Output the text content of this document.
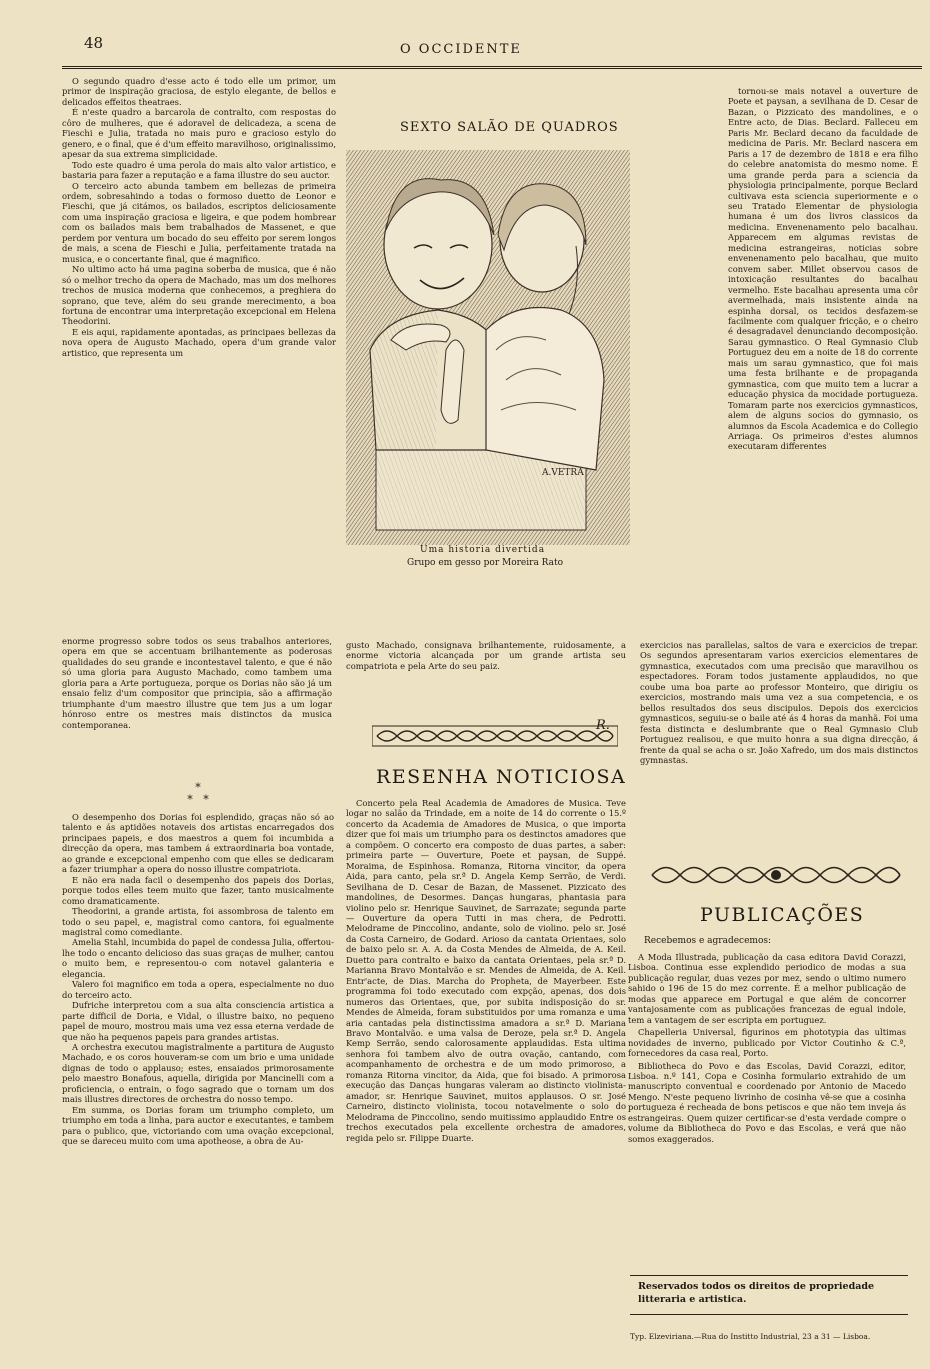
48	O OCCIDENTE

O segundo quadro d'esse acto é todo elle um primor, um primor de inspiração graciosa, de estylo elegante, de bellos e delicados effeitos theatraes.

É n'este quadro a barcarola de contralto, com respostas do côro de mulheres, que é adoravel de delicadeza, a scena de Fieschi e Julia, tratada no mais puro e gracioso estylo do genero, e o final, que é d'um effeito maravilhoso, originalissimo, apesar da sua extrema simplicidade.

Todo este quadro é uma perola do mais alto valor artistico, e bastaria para fazer a reputação e a fama illustre do seu auctor.

O terceiro acto abunda tambem em bellezas de primeira ordem, sobresahindo a todas o formoso duetto de Leonor e Fieschi, que já citámos, os bailados, escriptos deliciosamente com uma inspiração graciosa e ligeira, e que podem hombrear com os bailados mais bem trabalhados de Massenet, e que perdem por ventura um bocado do seu effeito por serem longos de mais, a scena de Fieschi e Julia, perfeitamente tratada na musica, e o concertante final, que é magnifico.

No ultimo acto há uma pagina soberba de musica, que é não só o melhor trecho da opera de Machado, mas um dos melhores trechos de musica moderna que conhecemos, a preghiera do soprano, que teve, além do seu grande merecimento, a boa fortuna de encontrar uma interpretação excepcional em Helena Theodorini.

E eis aqui, rapidamente apontadas, as principaes bellezas da nova opera de Augusto Machado, opera d'um grande valor artistico, que representa um

enorme progresso sobre todos os seus trabalhos anteriores, opera em que se accentuam brilhantemente as poderosas qualidades do seu grande e incontestavel talento, e que é não só uma gloria para Augusto Machado, como tambem uma gloria para a Arte portugueza, porque os Dorias não são já um ensaio feliz d'um compositor que principia, são a affirmação triumphante d'um maestro illustre que tem jus a um logar hónroso entre os mestres mais distinctos da musica contemporanea.

*
*   *

O desempenho dos Dorias foi esplendido, graças não só ao talento e ás aptidões notaveis dos artistas encarregados dos principaes papeis, e dos maestros a quem foi incumbida a direcção da opera, mas tambem á extraordinaria boa vontade, ao grande e excepcional empenho com que elles se dedicaram a fazer triumphar a opera do nosso illustre compatriota.

E não era nada facil o desempenho dos papeis dos Dorias, porque todos elles teem muito que fazer, tanto musicalmente como dramaticamente.

Theodorini, a grande artista, foi assombrosa de talento em todo o seu papel, e, magistral como cantora, foi egualmente magistral como comediante.

Amelia Stahl, incumbida do papel de condessa Julia, offertou-lhe todo o encanto delicioso das suas graças de mulher, cantou o muito bem, e representou-o com notavel galanteria e elegancia.

Valero foi magnifico em toda a opera, especialmente no duo do terceiro acto.

Dufriche interpretou com a sua alta consciencia artistica a parte difficil de Doria, e Vidal, o illustre baixo, no pequeno papel de mouro, mostrou mais uma vez essa eterna verdade de que não ha pequenos papeis para grandes artistas.

A orchestra executou magistralmente a partitura de Augusto Machado, e os coros houveram-se com um brio e uma unidade dignas de todo o applauso; estes, ensaiados primorosamente pelo maestro Bonafous, aquella, dirigida por Mancinelli com a proficiencia, o entrain, o fogo sagrado que o tornam um dos mais illustres directores de orchestra do nosso tempo.

Em summa, os Dorias foram um triumpho completo, um triumpho em toda a linha, para auctor e executantes, e tambem para o publico, que, victoriando com uma ovação excepcional, que se dareceu muito com uma apotheose, a obra de Au-

SEXTO SALÃO DE QUADROS
A.VETRA
Uma historia divertida
Grupo em gesso por Moreira Rato

tornou-se mais notavel a ouverture de Poete et paysan, a sevilhana de D. Cesar de Bazan, o Pizzicato des mandolines, e o Entre acto, de Dias. Beclard. Falleceu em Paris Mr. Beclard decano da faculdade de medicina de Paris. Mr. Beclard nascera em Paris a 17 de dezembro de 1818 e era filho do celebre anatomista do mesmo nome. É uma grande perda para a sciencia da physiologia principalmente, porque Beclard cultivava esta sciencia superiormente e o seu Tratado Elementar de physiologia humana é um dos livros classicos da medicina. Envenenamento pelo bacalhau. Apparecem em algumas revistas de medicina estrangeiras, noticias sobre envenenamento pelo bacalhau, que muito convem saber. Millet observou casos de intoxicação resultantes do bacalhau vermelho. Este bacalhau apresenta uma côr avermelhada, mais insistente ainda na espinha dorsal, os tecidos desfazem-se facilmente com qualquer fricção, e o cheiro é desagradavel denunciando decomposição. Sarau gymnastico. O Real Gymnasio Club Portuguez deu em a noite de 18 do corrente mais um sarau gymnastico, que foi mais uma festa brilhante e de propaganda gymnastica, com que muito tem a lucrar a educação physica da mocidade portugueza. Tomaram parte nos exercicios gymnasticos, alem de alguns socios do gymnasio, os alumnos da Escola Academica e do Collegio Arriaga. Os primeiros d'estes alumnos executaram differentes

exercicios nas parallelas, saltos de vara e exercicios de trepar. Os segundos apresentaram varios exercicios elementares de gymnastica, executados com uma precisão que maravilhou os espectadores. Foram todos justamente applaudidos, no que coube uma boa parte ao professor Monteiro, que dirigiu os exercicios, mostrando mais uma vez a sua competencia, e os bellos resultados dos seus discipulos. Depois dos exercicios gymnasticos, seguiu-se o baile até ás 4 horas da manhã. Foi uma festa distincta e deslumbrante que o Real Gymnasio Club Portuguez realisou, e que muito honra a sua digna direcção, á frente da qual se acha o sr. João Xafredo, um dos mais distinctos gymnastas.

gusto Machado, consignava brilhantemente, ruidosamente, a enorme victoria alcançada por um grande artista seu compatriota e pela Arte do seu paiz.

R.
RESENHA NOTICIOSA

Concerto pela Real Academia de Amadores de Musica. Teve logar no salão da Trindade, em a noite de 14 do corrente o 15.º concerto da Academia de Amadores de Musica, o que importa dizer que foi mais um triumpho para os destinctos amadores que a compõem. O concerto era composto de duas partes, a saber: primeira parte — Ouverture, Poete et paysan, de Suppé. Moraima, de Espinhosa. Romanza, Ritorna vincitor, da opera Aida, para canto, pela sr.ª D. Angela Kemp Serrão, de Verdi. Sevilhana de D. Cesar de Bazan, de Massenet. Pizzicato des mandolines, de Desormes. Danças hungaras, phantasia para violino pelo sr. Henrique Sauvinet, de Sarrazate; segunda parte — Ouverture da opera Tutti in mas chera, de Pedrotti. Melodrame de Pinccolino, andante, solo de violino. pelo sr. José da Costa Carneiro, de Godard. Arioso da cantata Orientaes, solo de baixo pelo sr. A. A. da Costa Mendes de Almeida, de A. Keil. Duetto para contralto e baixo da cantata Orientaes, pela sr.ª D. Marianna Bravo Montalvão e sr. Mendes de Almeida, de A. Keil. Entr'acte, de Dias. Marcha do Propheta, de Mayerbeer. Este programma foi todo executado com expção, apenas, dos dois numeros das Orientaes, que, por subita indisposição do sr. Mendes de Almeida, foram substituidos por uma romanza e uma aria cantadas pela distinctissima amadora a sr.ª D. Mariana Bravo Montalvão. e uma valsa de Deroze, pela sr.ª D. Angela Kemp Serrão, sendo calorosamente applaudidas. Esta ultima senhora foi tambem alvo de outra ovação, cantando, com acompanhamento de orchestra e de um modo primoroso, a romanza Ritorna vincitor, da Aida, que foi bisado. A primorosa execução das Danças hungaras valeram ao distincto violinista-amador, sr. Henrique Sauvinet, muitos applausos. O sr. José Carneiro, distincto violinista, tocou notavelmente o solo do Melodrama de Pinccolino, sendo muitissimo applaudido Entre os trechos executados pela excellente orchestra de amadores, regida pelo sr. Filippe Duarte.

PUBLICAÇÕES
Recebemos e agradecemos:

A Moda Illustrada, publicação da casa editora David Corazzi, Lisboa. Continua esse explendido periodico de modas a sua publicação regular, duas vezes por mez, sendo o ultimo numero sahido o 196 de 15 do mez corrente. É a melhor publicação de modas que apparece em Portugal e que além de concorrer vantajosamente com as publicações francezas de egual indole, tem a vantagem de ser escripta em portuguez.

Chapelleria Universal, figurinos em phototypia das ultimas novidades de inverno, publicado por Victor Coutinho & C.ª, fornecedores da casa real, Porto.

Bibliotheca do Povo e das Escolas, David Corazzi, editor, Lisboa. n.º 141, Copa e Cosinha formulario extrahido de um manuscripto conventual e coordenado por Antonio de Macedo Mengo. N'este pequeno livrinho de cosinha vê-se que a cosinha portugueza é recheada de bons petiscos e que não tem inveja ás estrangeiras. Quem quizer certificar-se d'esta verdade compre o volume da Bibliotheca do Povo e das Escolas, e verá que não somos exaggerados.

Reservados todos os direitos de propriedade litteraria e artistica.
Typ. Elzeviriana.—Rua do Institto Industrial, 23 a 31 — Lisboa.
